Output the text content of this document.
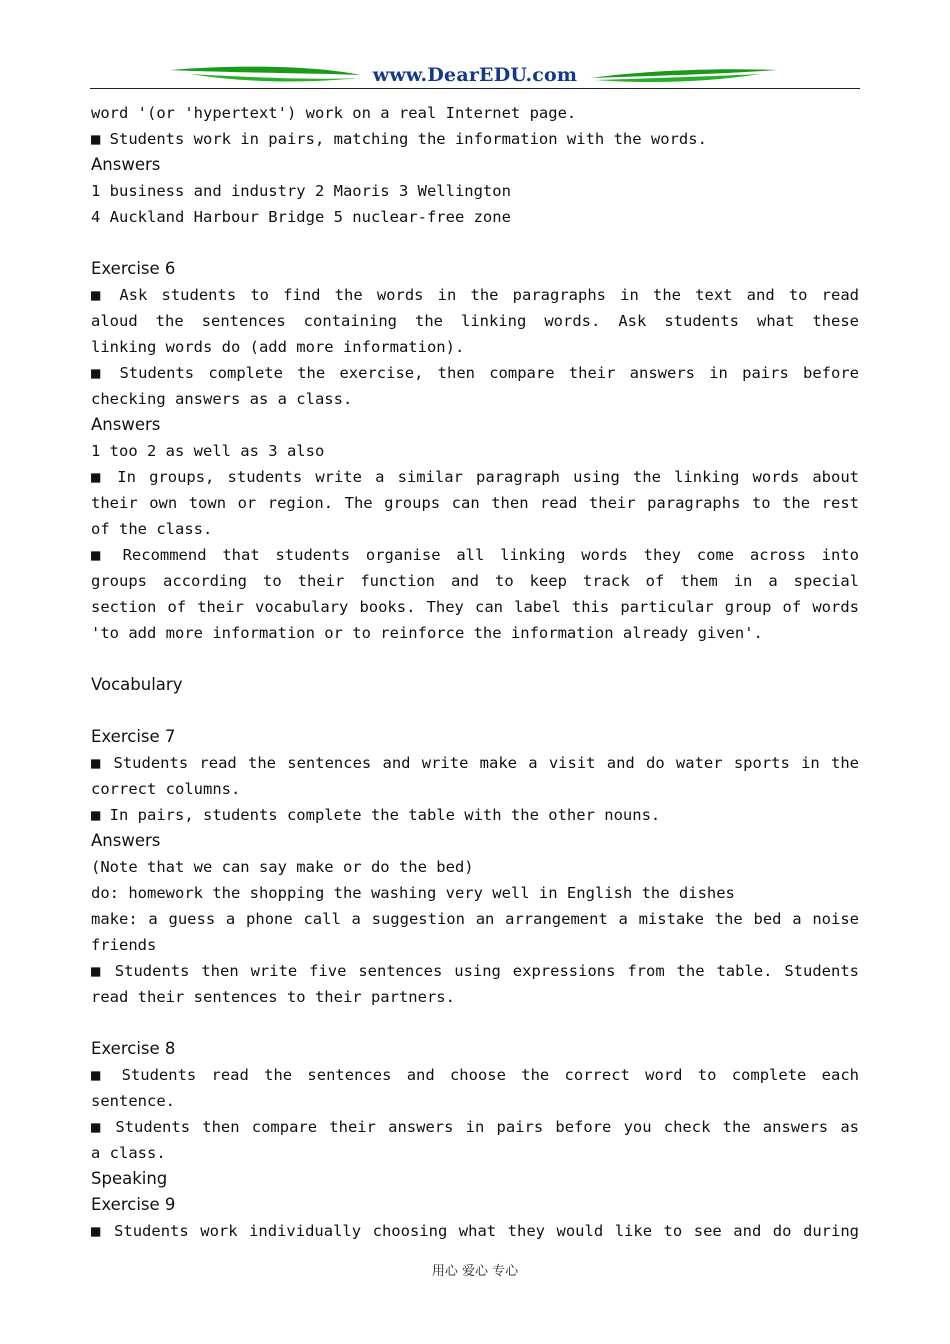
www.DearEDU.com
word '(or 'hypertext') work on a real Internet page.
■ Students work in pairs, matching the information with the words.
Answers
1 business and industry 2 Maoris 3 Wellington
4 Auckland Harbour Bridge 5 nuclear-free zone
Exercise 6
■ Ask students to find the words in the paragraphs in the text and to read
aloud the sentences containing the linking words. Ask students what these
linking words do (add more information).
■ Students complete the exercise, then compare their answers in pairs before
checking answers as a class.
Answers
1 too 2 as well as 3 also
■ In groups, students write a similar paragraph using the linking words about
their own town or region. The groups can then read their paragraphs to the rest
of the class.
■ Recommend that students organise all linking words they come across into
groups according to their function and to keep track of them in a special
section of their vocabulary books. They can label this particular group of words
'to add more information or to reinforce the information already given'.
Vocabulary
Exercise 7
■ Students read the sentences and write make a visit and do water sports in the
correct columns.
■ In pairs, students complete the table with the other nouns.
Answers
(Note that we can say make or do the bed)
do: homework the shopping the washing very well in English the dishes
make: a guess a phone call a suggestion an arrangement a mistake the bed a noise
friends
■ Students then write five sentences using expressions from the table. Students
read their sentences to their partners.
Exercise 8
■ Students read the sentences and choose the correct word to complete each
sentence.
■ Students then compare their answers in pairs before you check the answers as
a class.
Speaking
Exercise 9
■ Students work individually choosing what they would like to see and do during
用心 爱心 专心
